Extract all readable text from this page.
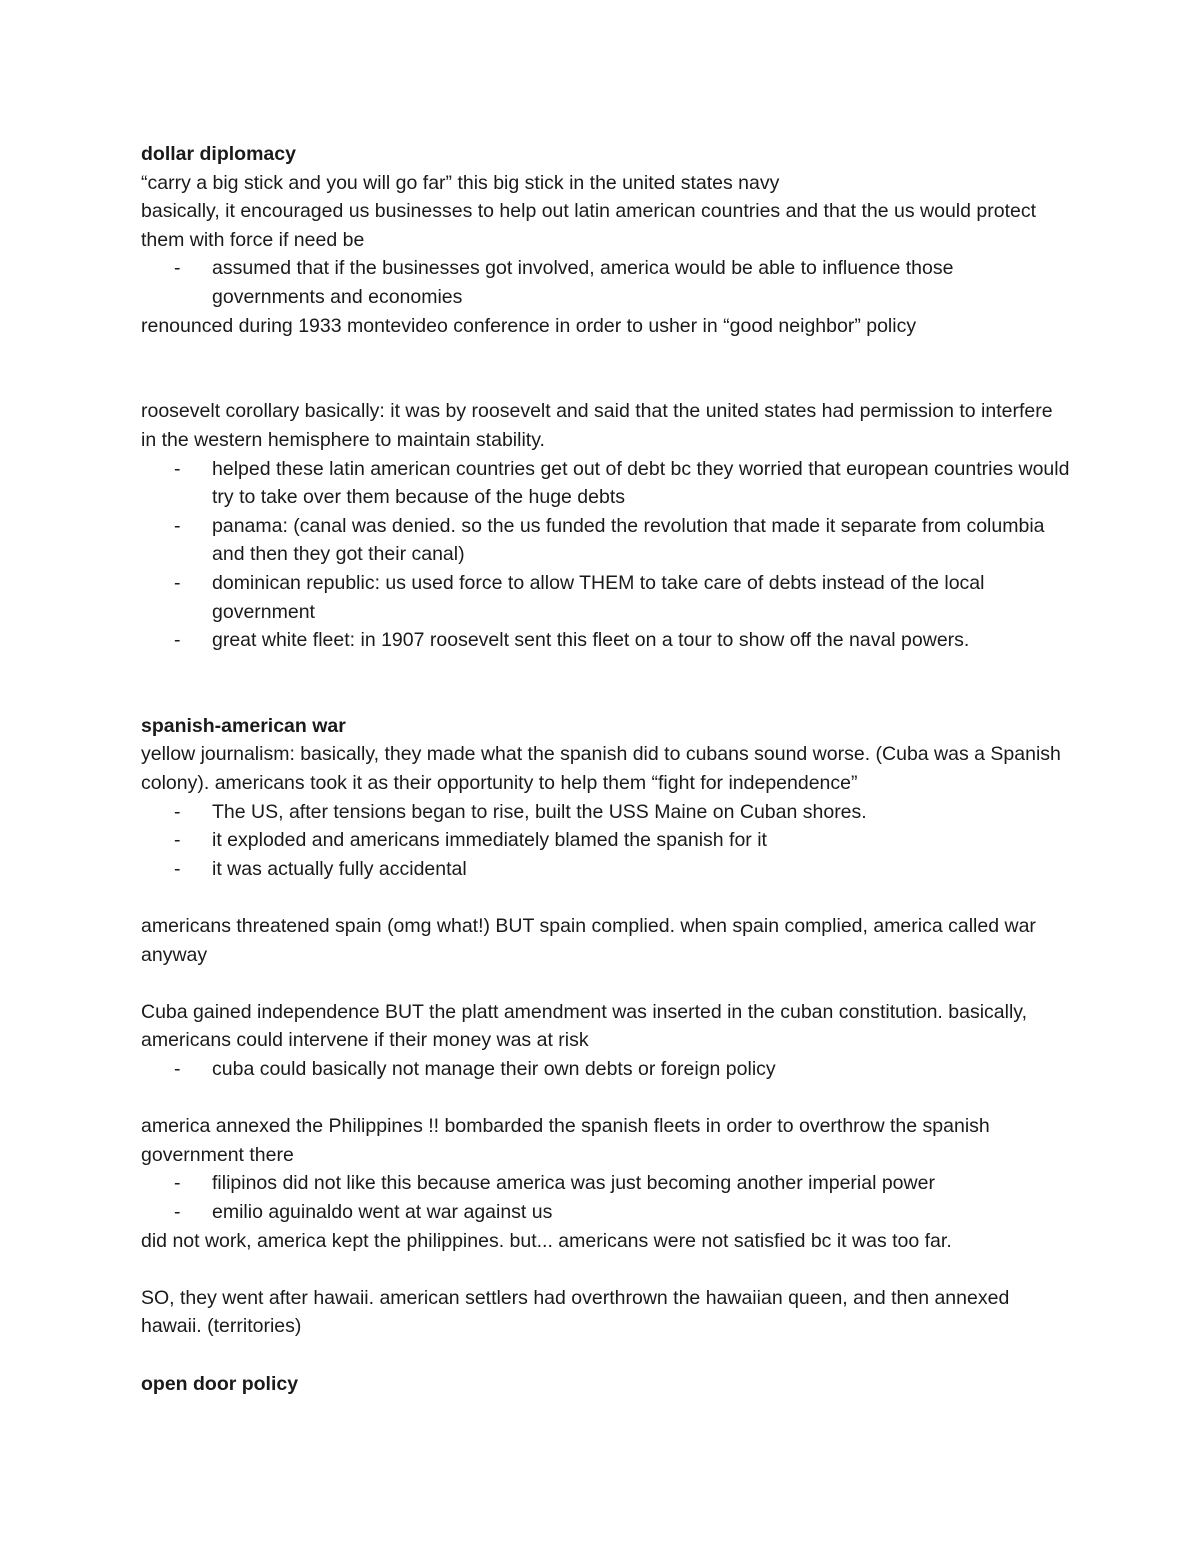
dollar diplomacy

“carry a big stick and you will go far” this big stick in the united states navy

basically, it encouraged us businesses to help out latin american countries and that the us would protect them with force if need be

- assumed that if the businesses got involved, america would be able to influence those governments and economies

renounced during 1933 montevideo conference in order to usher in “good neighbor” policy

roosevelt corollary basically: it was by roosevelt and said that the united states had permission to interfere in the western hemisphere to maintain stability.

- helped these latin american countries get out of debt bc they worried that european countries would try to take over them because of the huge debts
- panama: (canal was denied. so the us funded the revolution that made it separate from columbia and then they got their canal)
- dominican republic: us used force to allow THEM to take care of debts instead of the local government
- great white fleet: in 1907 roosevelt sent this fleet on a tour to show off the naval powers.

spanish-american war

yellow journalism: basically, they made what the spanish did to cubans sound worse. (Cuba was a Spanish colony). americans took it as their opportunity to help them “fight for independence”

- The US, after tensions began to rise, built the USS Maine on Cuban shores.
- it exploded and americans immediately blamed the spanish for it
- it was actually fully accidental

americans threatened spain (omg what!) BUT spain complied. when spain complied, america called war anyway

Cuba gained independence BUT the platt amendment was inserted in the cuban constitution. basically, americans could intervene if their money was at risk

- cuba could basically not manage their own debts or foreign policy

america annexed the Philippines !! bombarded the spanish fleets in order to overthrow the spanish government there

- filipinos did not like this because america was just becoming another imperial power
- emilio aguinaldo went at war against us

did not work, america kept the philippines. but... americans were not satisfied bc it was too far.

SO, they went after hawaii. american settlers had overthrown the hawaiian queen, and then annexed hawaii. (territories)

open door policy
